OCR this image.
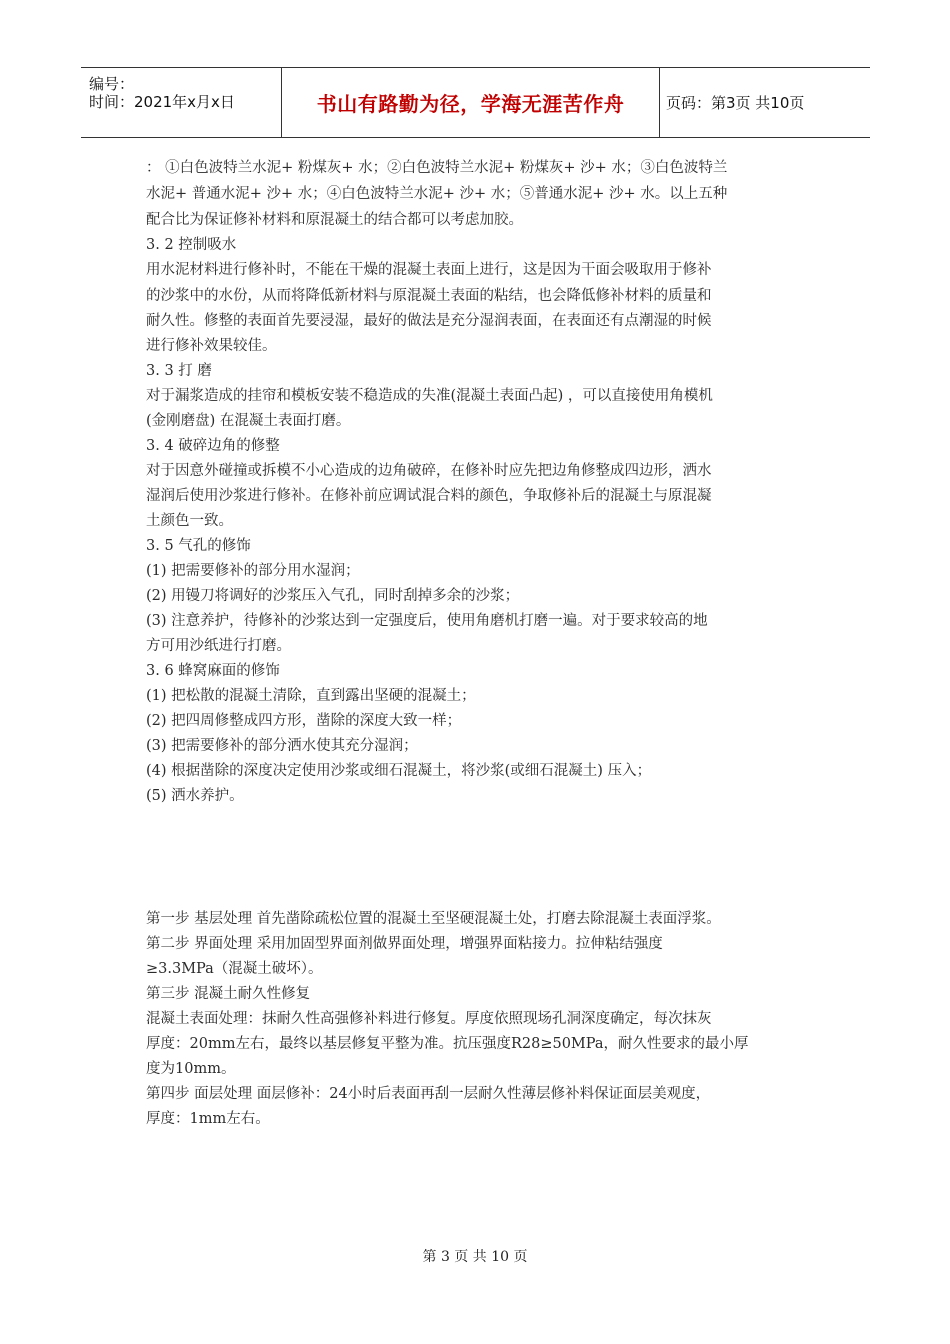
编号：
时间：2021年x月x日	书山有路勤为径，学海无涯苦作舟	页码：第3页 共10页
： ①白色波特兰水泥+ 粉煤灰+ 水；②白色波特兰水泥+ 粉煤灰+ 沙+ 水；③白色波特兰
水泥+ 普通水泥+ 沙+ 水；④白色波特兰水泥+ 沙+ 水；⑤普通水泥+ 沙+ 水。以上五种
配合比为保证修补材料和原混凝土的结合都可以考虑加胶。
3. 2 控制吸水
用水泥材料进行修补时，不能在干燥的混凝土表面上进行，这是因为干面会吸取用于修补
的沙浆中的水份，从而将降低新材料与原混凝土表面的粘结，也会降低修补材料的质量和
耐久性。修整的表面首先要浸湿，最好的做法是充分湿润表面，在表面还有点潮湿的时候
进行修补效果较佳。
3. 3 打 磨
对于漏浆造成的挂帘和模板安装不稳造成的失准(混凝土表面凸起) ，可以直接使用角模机
(金刚磨盘) 在混凝土表面打磨。
3. 4 破碎边角的修整
对于因意外碰撞或拆模不小心造成的边角破碎，在修补时应先把边角修整成四边形，洒水
湿润后使用沙浆进行修补。在修补前应调试混合料的颜色，争取修补后的混凝土与原混凝
土颜色一致。
3. 5 气孔的修饰
(1) 把需要修补的部分用水湿润；
(2) 用镘刀将调好的沙浆压入气孔，同时刮掉多余的沙浆；
(3) 注意养护，待修补的沙浆达到一定强度后，使用角磨机打磨一遍。对于要求较高的地
方可用沙纸进行打磨。
3. 6 蜂窝麻面的修饰
(1) 把松散的混凝土清除，直到露出坚硬的混凝土；
(2) 把四周修整成四方形，凿除的深度大致一样；
(3) 把需要修补的部分洒水使其充分湿润；
(4) 根据凿除的深度决定使用沙浆或细石混凝土，将沙浆(或细石混凝土) 压入；
(5) 洒水养护。
第一步 基层处理 首先凿除疏松位置的混凝土至坚硬混凝土处，打磨去除混凝土表面浮浆。
第二步 界面处理 采用加固型界面剂做界面处理，增强界面粘接力。拉伸粘结强度
≥3.3MPa（混凝土破坏）。
第三步 混凝土耐久性修复
混凝土表面处理：抹耐久性高强修补料进行修复。厚度依照现场孔洞深度确定，每次抹灰
厚度：20mm左右，最终以基层修复平整为准。抗压强度R28≥50MPa，耐久性要求的最小厚
度为10mm。
第四步 面层处理 面层修补：24小时后表面再刮一层耐久性薄层修补料保证面层美观度，
厚度：1mm左右。
第 3 页 共 10 页
